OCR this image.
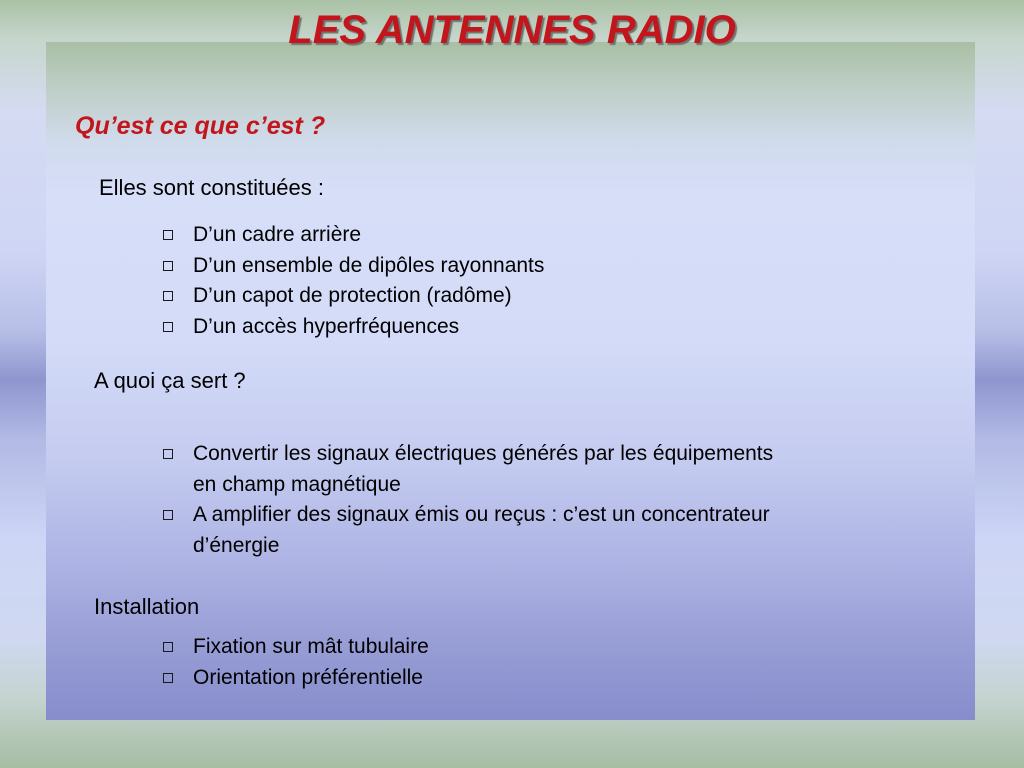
LES ANTENNES RADIO
Qu’est ce que c’est ?
Elles sont constituées :
D’un cadre arrière
D’un ensemble de dipôles rayonnants
D’un capot de protection (radôme)
D’un accès hyperfréquences
A quoi ça sert ?
Convertir les signaux électriques générés par les équipements en champ magnétique
A amplifier des signaux émis ou reçus : c’est un concentrateur d’énergie
Installation
Fixation sur mât tubulaire
Orientation préférentielle
